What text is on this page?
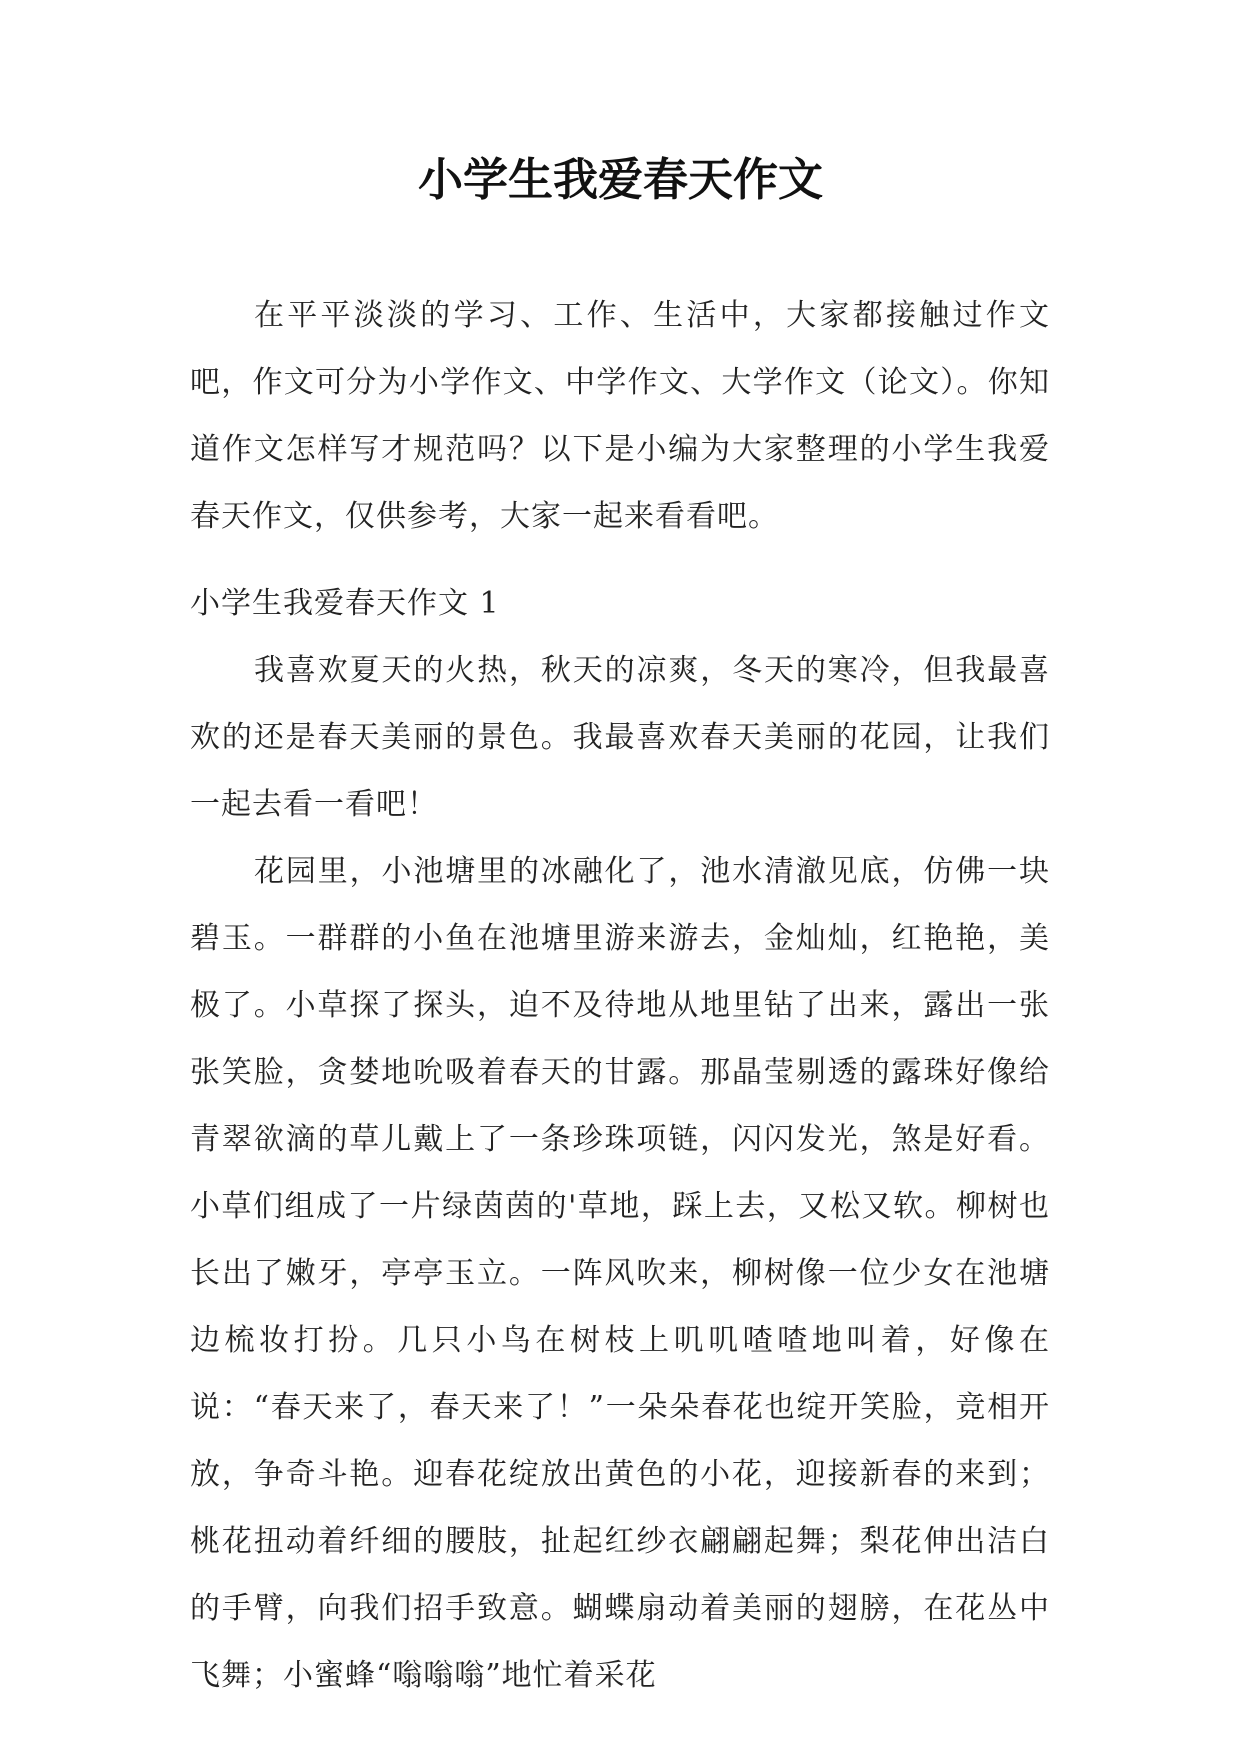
小学生我爱春天作文

在平平淡淡的学习、工作、生活中，大家都接触过作文吧，作文可分为小学作文、中学作文、大学作文（论文）。你知道作文怎样写才规范吗？以下是小编为大家整理的小学生我爱春天作文，仅供参考，大家一起来看看吧。

小学生我爱春天作文 1

我喜欢夏天的火热，秋天的凉爽，冬天的寒冷，但我最喜欢的还是春天美丽的景色。我最喜欢春天美丽的花园，让我们一起去看一看吧！

花园里，小池塘里的冰融化了，池水清澈见底，仿佛一块碧玉。一群群的小鱼在池塘里游来游去，金灿灿，红艳艳，美极了。小草探了探头，迫不及待地从地里钻了出来，露出一张张笑脸，贪婪地吮吸着春天的甘露。那晶莹剔透的露珠好像给青翠欲滴的草儿戴上了一条珍珠项链，闪闪发光，煞是好看。小草们组成了一片绿茵茵的'草地，踩上去，又松又软。柳树也长出了嫩牙，亭亭玉立。一阵风吹来，柳树像一位少女在池塘边梳妆打扮。几只小鸟在树枝上叽叽喳喳地叫着，好像在说：“春天来了，春天来了！”一朵朵春花也绽开笑脸，竞相开放，争奇斗艳。迎春花绽放出黄色的小花，迎接新春的来到；桃花扭动着纤细的腰肢，扯起红纱衣翩翩起舞；梨花伸出洁白的手臂，向我们招手致意。蝴蝶扇动着美丽的翅膀，在花丛中飞舞；小蜜蜂“嗡嗡嗡”地忙着采花
